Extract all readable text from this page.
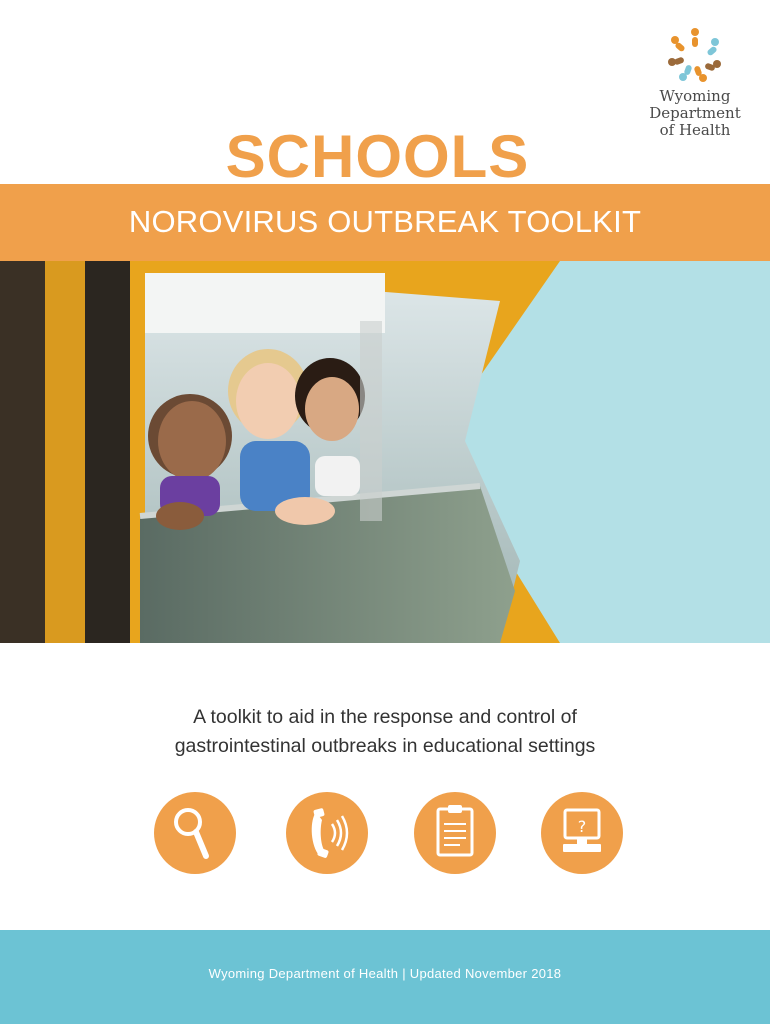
Wyoming
Department
of Health
SCHOOLS
NOROVIRUS OUTBREAK TOOLKIT
A toolkit to aid in the response and control of
gastrointestinal outbreaks in educational settings
?
Wyoming Department of Health | Updated November 2018
